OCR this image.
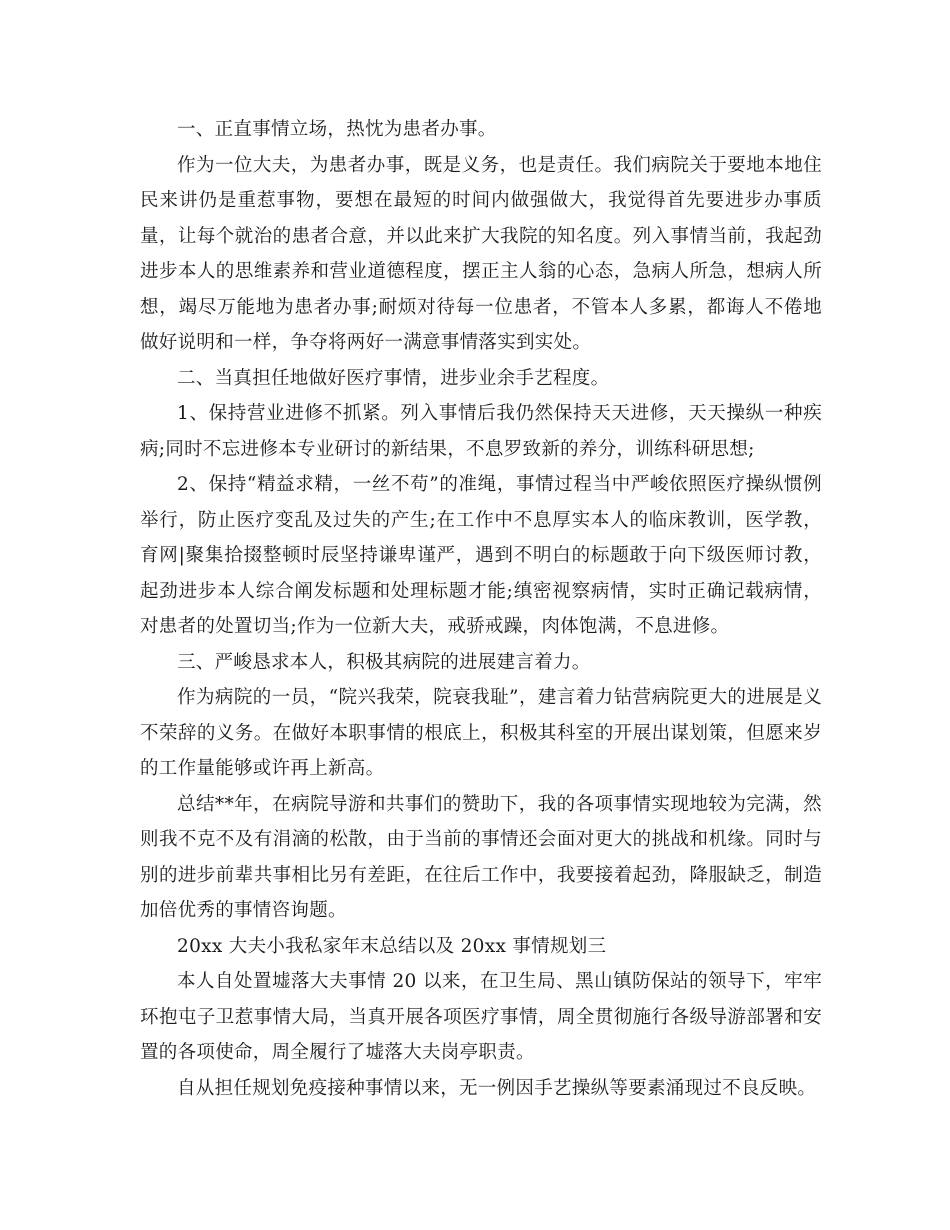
一、正直事情立场，热忱为患者办事。

作为一位大夫，为患者办事，既是义务，也是责任。我们病院关于要地本地住民来讲仍是重惹事物，要想在最短的时间内做强做大，我觉得首先要进步办事质量，让每个就治的患者合意，并以此来扩大我院的知名度。列入事情当前，我起劲进步本人的思维素养和营业道德程度，摆正主人翁的心态，急病人所急，想病人所想，竭尽万能地为患者办事;耐烦对待每一位患者，不管本人多累，都诲人不倦地做好说明和一样，争夺将两好一满意事情落实到实处。

二、当真担任地做好医疗事情，进步业余手艺程度。

1、保持营业进修不抓紧。列入事情后我仍然保持天天进修，天天操纵一种疾病;同时不忘进修本专业研讨的新结果，不息罗致新的养分，训练科研思想;

2、保持“精益求精，一丝不苟”的准绳，事情过程当中严峻依照医疗操纵惯例举行，防止医疗变乱及过失的产生;在工作中不息厚实本人的临床教训，医学教，育网|聚集拾掇整顿时辰坚持谦卑谨严，遇到不明白的标题敢于向下级医师讨教，起劲进步本人综合阐发标题和处理标题才能;缜密视察病情，实时正确记载病情，对患者的处置切当;作为一位新大夫，戒骄戒躁，肉体饱满，不息进修。

三、严峻恳求本人，积极其病院的进展建言着力。

作为病院的一员，“院兴我荣，院衰我耻”，建言着力钻营病院更大的进展是义不荣辞的义务。在做好本职事情的根底上，积极其科室的开展出谋划策，但愿来岁的工作量能够或许再上新高。

总结**年，在病院导游和共事们的赞助下，我的各项事情实现地较为完满，然则我不克不及有涓滴的松散，由于当前的事情还会面对更大的挑战和机缘。同时与别的进步前辈共事相比另有差距，在往后工作中，我要接着起劲，降服缺乏，制造加倍优秀的事情咨询题。

20xx 大夫小我私家年末总结以及 20xx 事情规划三

本人自处置墟落大夫事情 20 以来，在卫生局、黑山镇防保站的领导下，牢牢环抱屯子卫惹事情大局，当真开展各项医疗事情，周全贯彻施行各级导游部署和安置的各项使命，周全履行了墟落大夫岗亭职责。

自从担任规划免疫接种事情以来，无一例因手艺操纵等要素涌现过不良反映。
